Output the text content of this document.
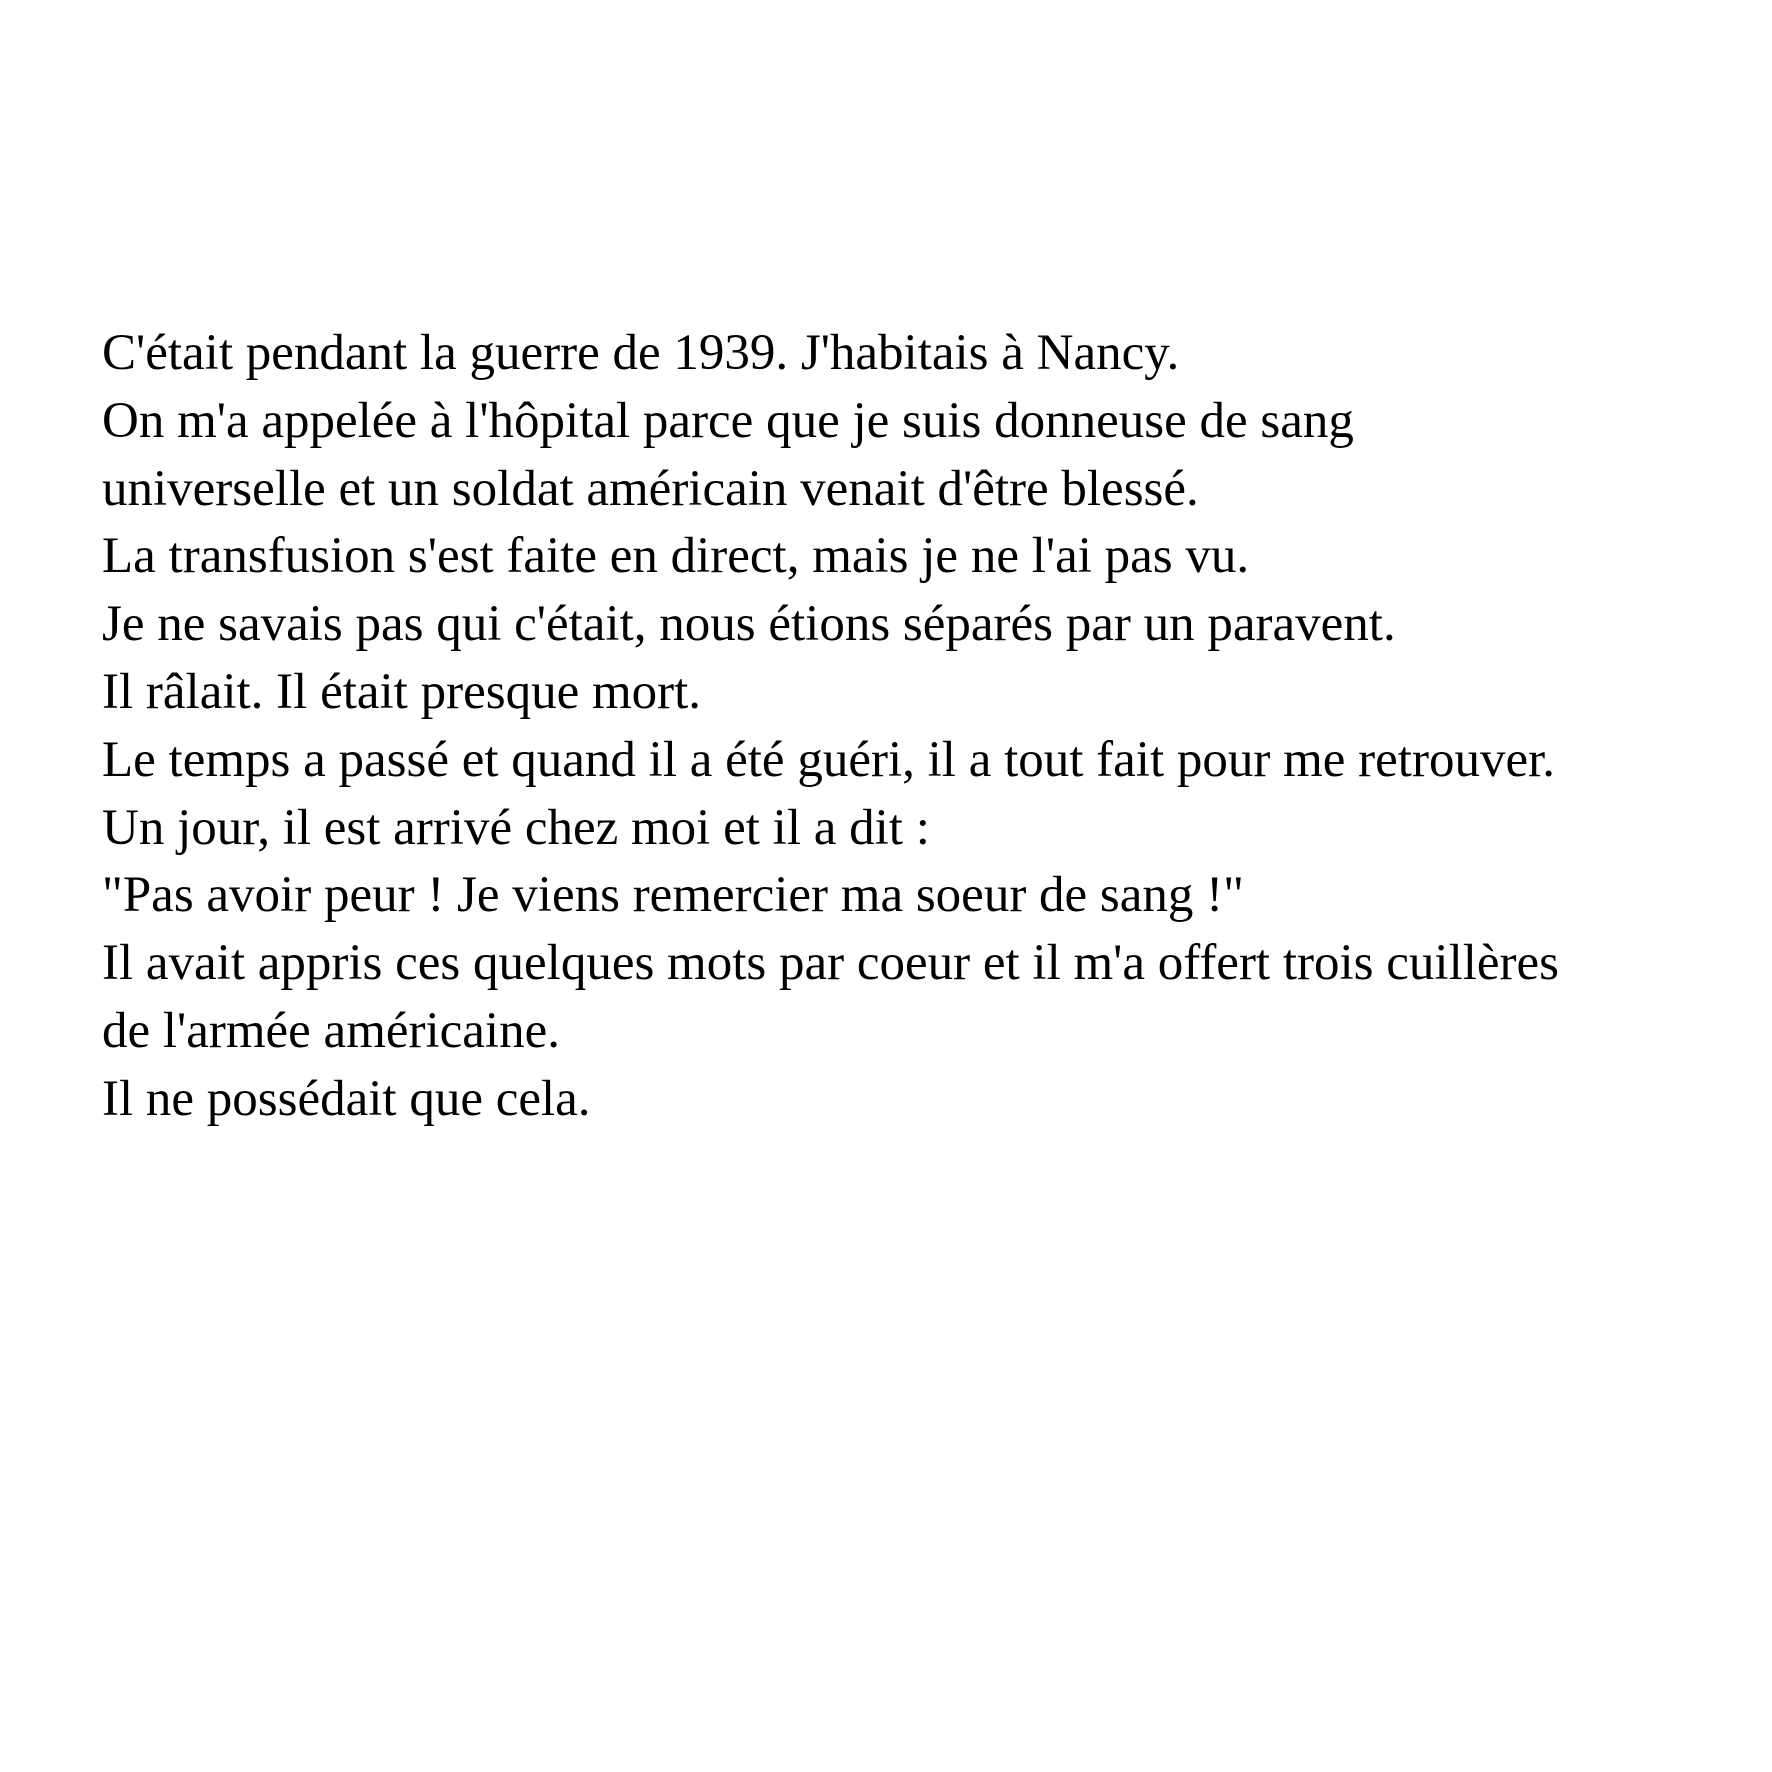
C'était pendant la guerre de 1939. J'habitais à Nancy.
On m'a appelée à l'hôpital parce que je suis donneuse de sang
universelle et un soldat américain venait d'être blessé.
La transfusion s'est faite en direct, mais je ne l'ai pas vu.
Je ne savais pas qui c'était, nous étions séparés par un paravent.
Il râlait. Il était presque mort.
Le temps a passé et quand il a été guéri, il a tout fait pour me retrouver.
Un jour, il est arrivé chez moi et il a dit :
"Pas avoir peur ! Je viens remercier ma soeur de sang !"
Il avait appris ces quelques mots par coeur et il m'a offert trois cuillères
de l'armée américaine.
Il ne possédait que cela.
